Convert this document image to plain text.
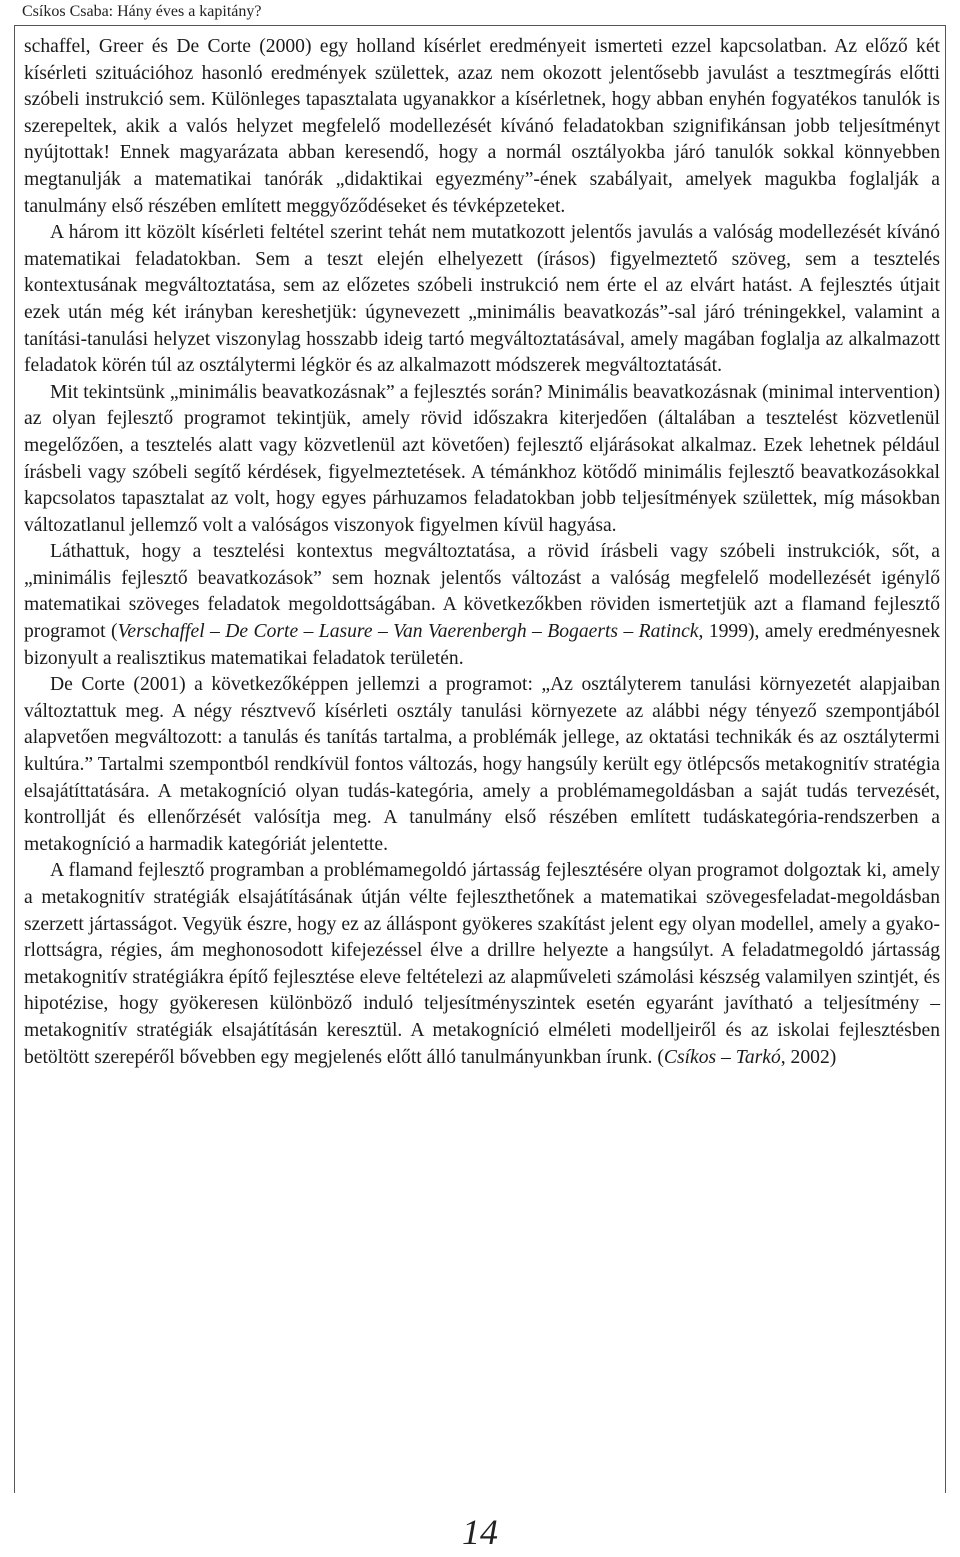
Csíkos Csaba: Hány éves a kapitány?

schaffel, Greer és De Corte (2000) egy holland kísérlet eredményeit ismerteti ezzel kapcsolatban. Az előző két kísérleti szituációhoz hasonló eredmények születtek, azaz nem okozott jelentősebb javulást a tesztmegírás előtti szóbeli instrukció sem. Különleges tapasztalata ugyanakkor a kísérletnek, hogy abban enyhén fogyatékos tanulók is szerepeltek, akik a valós helyzet megfelelő modellezését kívánó feladatokban szignifikánsan jobb teljesítményt nyújtottak! Ennek magyarázata abban keresendő, hogy a normál osztályokba járó tanulók sokkal könnyebben megtanulják a matematikai tanórák „didaktikai egyezmény”-ének szabályait, amelyek magukba foglalják a tanulmány első részében említett meggyőződéseket és tévképzeteket.

A három itt közölt kísérleti feltétel szerint tehát nem mutatkozott jelentős javulás a valóság modellezését kívánó matematikai feladatokban. Sem a teszt elején elhelyezett (írásos) figyelmeztető szöveg, sem a tesztelés kontextusának megváltoztatása, sem az előzetes szóbeli instrukció nem érte el az elvárt hatást. A fejlesztés útjait ezek után még két irányban kereshetjük: úgynevezett „minimális beavatkozás”-sal járó tréningekkel, valamint a tanítási-tanulási helyzet viszonylag hosszabb ideig tartó megváltoztatásával, amely magában foglalja az alkalmazott feladatok körén túl az osztálytermi légkör és az alkalmazott módszerek megváltoztatását.

Mit tekintsünk „minimális beavatkozásnak” a fejlesztés során? Minimális beavatkozásnak (minimal intervention) az olyan fejlesztő programot tekintjük, amely rövid időszakra kiterjedően (általában a tesztelést közvetlenül megelőzően, a tesztelés alatt vagy közvetlenül azt követően) fejlesztő eljárásokat alkalmaz. Ezek lehetnek például írásbeli vagy szóbeli segítő kérdések, figyelmeztetések. A témánkhoz kötődő minimális fejlesztő beavatkozásokkal kapcsolatos tapasztalat az volt, hogy egyes párhuzamos feladatokban jobb teljesítmények születtek, míg másokban változatlanul jellemző volt a valóságos viszonyok figyelmen kívül hagyása.

Láthattuk, hogy a tesztelési kontextus megváltoztatása, a rövid írásbeli vagy szóbeli instrukciók, sőt, a „minimális fejlesztő beavatkozások” sem hoznak jelentős változást a valóság megfelelő modellezését igénylő matematikai szöveges feladatok megoldottságában. A következőkben röviden ismertetjük azt a flamand fejlesztő programot (Verschaffel – De Corte – Lasure – Van Vaerenbergh – Bogaerts – Ratinck, 1999), amely eredményesnek bizonyult a realisztikus matematikai feladatok területén.

De Corte (2001) a következőképpen jellemzi a programot: „Az osztályterem tanulási környezetét alapjaiban változtattuk meg. A négy résztvevő kísérleti osztály tanulási környezete az alábbi négy tényező szempontjából alapvetően megváltozott: a tanulás és tanítás tartalma, a problémák jellege, az oktatási technikák és az osztálytermi kultúra.” Tartalmi szempontból rendkívül fontos változás, hogy hangsúly került egy ötlépcsős metakognitív stratégia elsajátíttatására. A metakogníció olyan tudás-kategória, amely a problémamegoldásban a saját tudás tervezését, kontrollját és ellenőrzését valósítja meg. A tanulmány első részében említett tudáskategória-rendszerben a metakogníció a harmadik kategóriát jelentette.

A flamand fejlesztő programban a problémamegoldó jártasság fejlesztésére olyan programot dolgoztak ki, amely a metakognitív stratégiák elsajátításának útján vélte fejleszthetőnek a matematikai szövegesfeladat-megoldásban szerzett jártasságot. Vegyük észre, hogy ez az álláspont gyökeres szakítást jelent egy olyan modellel, amely a gyakorlottságra, régies, ám meghonosodott kifejezéssel élve a drillre helyezte a hangsúlyt. A feladatmegoldó jártasság metakognitív stratégiákra építő fejlesztése eleve feltételezi az alapműveleti számolási készség valamilyen szintjét, és hipotézise, hogy gyökeresen különböző induló teljesítményszintek esetén egyaránt javítható a teljesítmény – metakognitív stratégiák elsajátításán keresztül. A metakogníció elméleti modelljeiről és az iskolai fejlesztésben betöltött szerepéről bővebben egy megjelenés előtt álló tanulmányunkban írunk. (Csíkos – Tarkó, 2002)

14
